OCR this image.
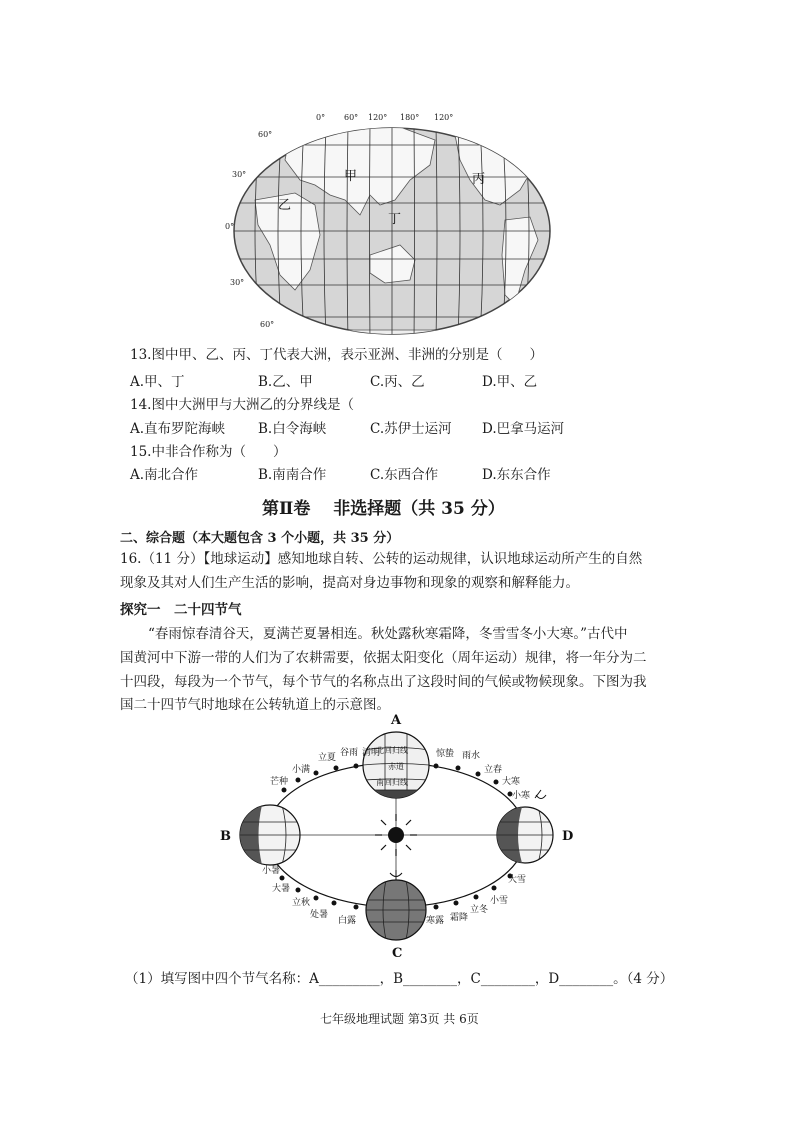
0° 60° 120° 180° 120°
60°
30°
0°
30°
60°
甲
乙
丙
丁
13.图中甲、乙、丙、丁代表大洲，表示亚洲、非洲的分别是（　　）
A.甲、丁	B.乙、甲	C.丙、乙	D.甲、乙
14.图中大洲甲与大洲乙的分界线是（
A.直布罗陀海峡 B.白令海峡	C.苏伊士运河 D.巴拿马运河
15.中非合作称为（　　）
A.南北合作	B.南南合作	C.东西合作	D.东东合作
第Ⅱ卷　 非选择题（共 35 分）
二、综合题（本大题包含 3 个小题，共 35 分）
16.（11 分）【地球运动】感知地球自转、公转的运动规律，认识地球运动所产生的自然
现象及其对人们生产生活的影响，提高对身边事物和现象的观察和解释能力。
探究一　二十四节气
“春雨惊春清谷天，夏满芒夏暑相连。秋处露秋寒霜降，冬雪雪冬小大寒。”古代中
国黄河中下游一带的人们为了农耕需要，依据太阳变化（周年运动）规律，将一年分为二
十四段，每段为一个节气，每个节气的名称点出了这段时间的气候或物候现象。下图为我
国二十四节气时地球在公转轨道上的示意图。
北回归线
赤道
南回归线
A
B
C
D
立夏 谷雨 清明
小满
芒种
惊蛰 雨水
立春
大寒
小寒
小暑
大暑
立秋
处暑
白露
大雪
小雪
立冬
霜降
寒露
（1）填写图中四个节气名称：A_________，B________，C________，D________。（4 分）
七年级地理试题 第3页 共 6页
